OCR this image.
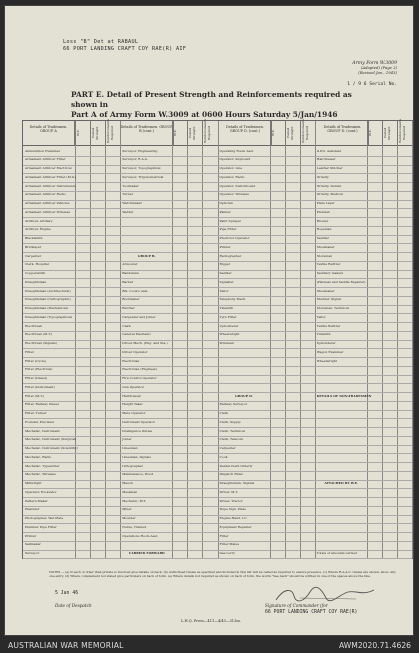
Loss "B" Det at RABAUL
66 PORT LANDING CRAFT COY RAE(R) AIF
Army Form W.3009
(Adapted) (Page 2)
(Revised Jan., 1943)
1 / 9 6 Serial No.
PART E. Detail of Present Strength and Reinforcements required as shown in
Part A of Army Form W.3009 at 0600 Hours Saturday 5/Jan/1946
Details of Tradesmen. GROUP A
Details of Tradesmen. GROUP B (cont.)
Details of Tradesmen. GROUP D. (cont.)
Details of Tradesmen. GROUP D. (cont.)
W.E.	Posted Strength	Reinforcements Required
Ammunition Examiner
Armament Artificer Fitter
Armament Artificer Electrical
Armament Artificer Fitter (M.G.)
Armament Artificer Instruments
Armament Artificer Radio
Armament Artificer Vehicles
Armament Artificer Wireless
Artificer, Artillery
Artificer, Engine
Blacksmith
Bricklayer
Carpenter
Clerk, Hospital
Coppersmith
Draughtsman
Draughtsman (Architectural)
Draughtsman (Cartographic)
Draughtsman (Mechanical)
Draughtsman (Topographical)
Electrician
Electrician (M.T.)
Electrician (Signals)
Fitter
Fitter (Cycle)
Fitter (Electrical)
Fitter (Diesel)
Fitter (Instrument)
Fitter (M.T.)
Fitter, Railway Diesel
Fitter, Turner
Founder, Precision
Mechanic, Instrument
Mechanic, Instrument (Surgical)
Mechanic, Instrument (Scientific)
Mechanic, Radio
Mechanic, Typewriter
Mechanic, Wireless
Millwright
Operator, Excavator
Pattern Maker
Plasterer
Photographer, Wet Plate
Plumber, Pipe Fitter
Printer
Sailmaker
Surveyor
W.E.	Posted Strength	Reinforcements Required
Surveyor, Engineering
Surveyor, R.A.A.
Surveyor, Topographical
Surveyor, Trigonometrical
Toolmaker
Turner
Watchmaker
Welder
GROUP B.
Armourer
Bandsman
Barber
Blk. Cook's Asst.
Bootmaker
Butcher
Carpenter and Joiner
Clerk
General Mechanic
Driver Mech. (Eng. and Sta.)
Driver Operator
Electrician
Electrician (Engineer)
Fire Control Operator
Gun Operator
Hairdresser
Height Taker
Mule Operator
Instrument Operator
Intelligence Duties
Joiner
Linesman
Linesman, Signals
Lithographer
Maintenance, Wood
Mason
Messman
Mechanic, M.T.
Miner
Moulder
Nurse, Trained
Operations Room Asst.
CARRIED FORWARD
W.E.	Posted Strength	Reinforcements Required
Operating Room Asst.
Operator, Keyboard
Operator, Line
Operator, Radio
Operator, Switchboard
Operator, Wireless
Optician
Painter
Paint Sprayer
Pipe Fitter
Predictor Operator
Printer
Radiographer
Rigger
Saddler
Signaller
Tailor
Telephony Mech.
Tinsmith
Tyre Fitter
Upholsterer
Wheelwright
Wireman
GROUP D.
Railway Surveyor
Clerk
Clerk, Supply
Clerk, Technical
Clerk, Telecom
Carpenter
Cook
Dental Clerk Orderly
Dispatch Rider
Draughtsman, Signals
Driver, M.T.
Driver, Tractor
Dupe Sign. Plate
Engine Hand, I.C.
Equipment Repairer
Fitter
Fitter Mates
Gas Lorry
W.E.	Posted Strength	Reinforcements Required
G.P.O. Assistant
Hairdresser
Leather Stitcher
Orderly
Orderly, Dental
Orderly, Medical
Plate Layer
Plumber
Riveter
Ropeman
Saddler
Shoemaker
Storeman
Textile Refitter
Saddlery makers
(Harness and Saddle Repairer)
Shoemaker
Shunter, Signal
Storeman, Technical
Tailor
Textile Refitter
Tinsmith
Upholsterer
Wagon Examiner
Wheelwright
DETAILS OF NON-TRADESMEN
ATTACHED BY W.E.
Totals of amounts carried
NOTES — (a) If each of other than private is involved give details on back. (b) Authorised trades as specified and included in this list will be called as required to ensure presence. (c) Where R.A.A.C. trades are shown, show only one entry. (d) Where complement not stated give particulars on back of form. (e) Where details not required as shown on back of form, the words "See back" should be written in one of the spaces above the line.
5 Jan 46
Date of Despatch	Signature of Commander (for
66 PORT LANDING CRAFT COY RAE(R)
L.H.Q. Press—411—4/43—313m.
AUSTRALIAN WAR MEMORIAL	AWM2020.71.4626
